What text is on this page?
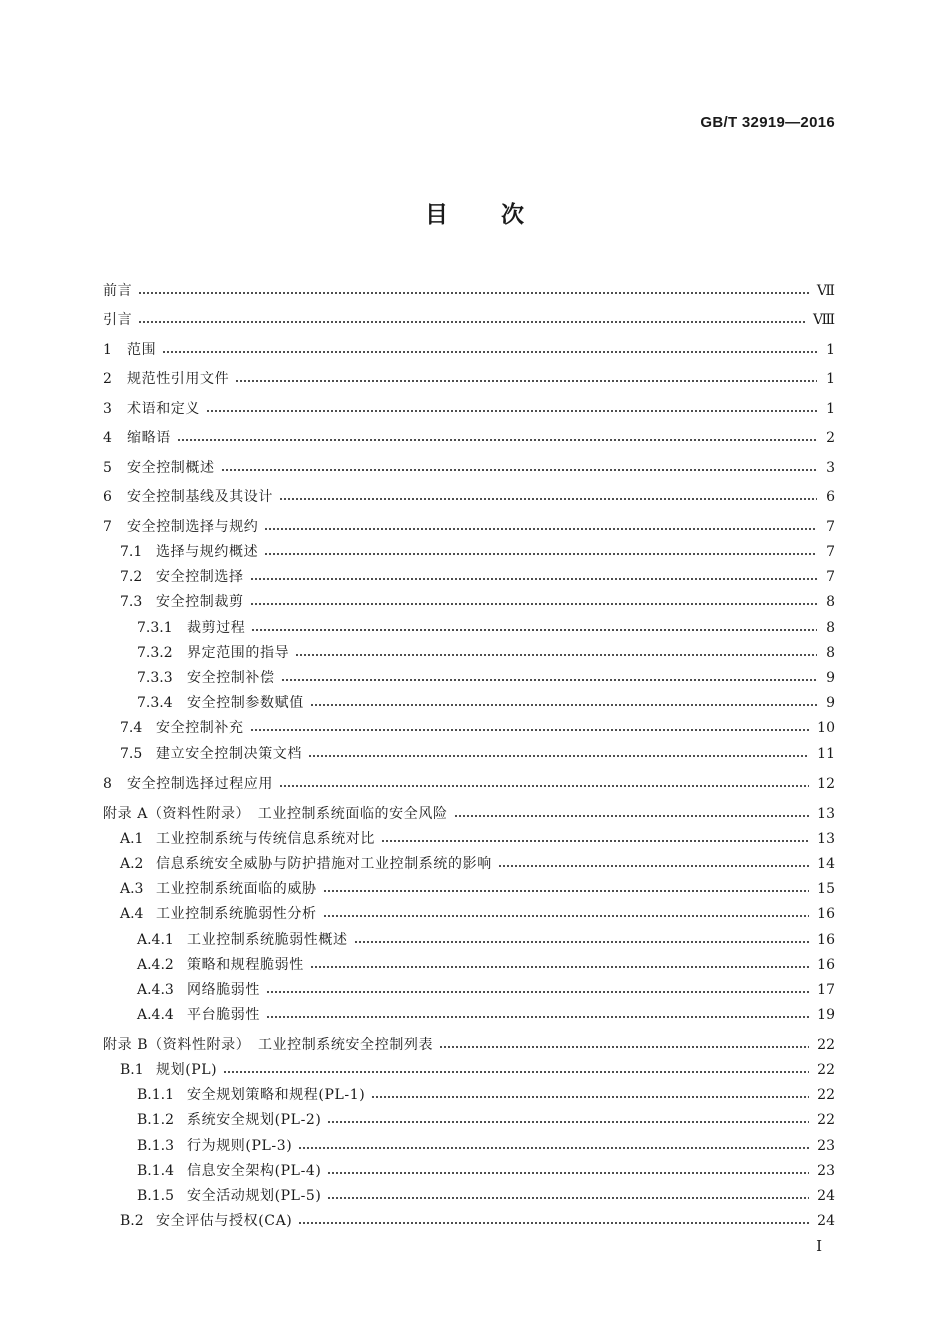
GB/T 32919—2016
目 次
前言	Ⅶ
引言	Ⅷ
1	范围	1
2	规范性引用文件	1
3	术语和定义	1
4	缩略语	2
5	安全控制概述	3
6	安全控制基线及其设计	6
7	安全控制选择与规约	7
7.1 选择与规约概述	7
7.2 安全控制选择	7
7.3 安全控制裁剪	8
7.3.1	裁剪过程	8
7.3.2	界定范围的指导	8
7.3.3	安全控制补偿	9
7.3.4	安全控制参数赋值	9
7.4 安全控制补充	10
7.5 建立安全控制决策文档	11
8	安全控制选择过程应用	12
附录 A（资料性附录）　工业控制系统面临的安全风险	13
A.1 工业控制系统与传统信息系统对比	13
A.2 信息系统安全威胁与防护措施对工业控制系统的影响	14
A.3 工业控制系统面临的威胁	15
A.4 工业控制系统脆弱性分析	16
A.4.1 工业控制系统脆弱性概述	16
A.4.2 策略和规程脆弱性	16
A.4.3 网络脆弱性	17
A.4.4 平台脆弱性	19
附录 B（资料性附录）　工业控制系统安全控制列表	22
B.1 规划(PL)	22
B.1.1 安全规划策略和规程(PL-1)	22
B.1.2 系统安全规划(PL-2)	22
B.1.3 行为规则(PL-3)	23
B.1.4 信息安全架构(PL-4)	23
B.1.5 安全活动规划(PL-5)	24
B.2 安全评估与授权(CA)	24
I
